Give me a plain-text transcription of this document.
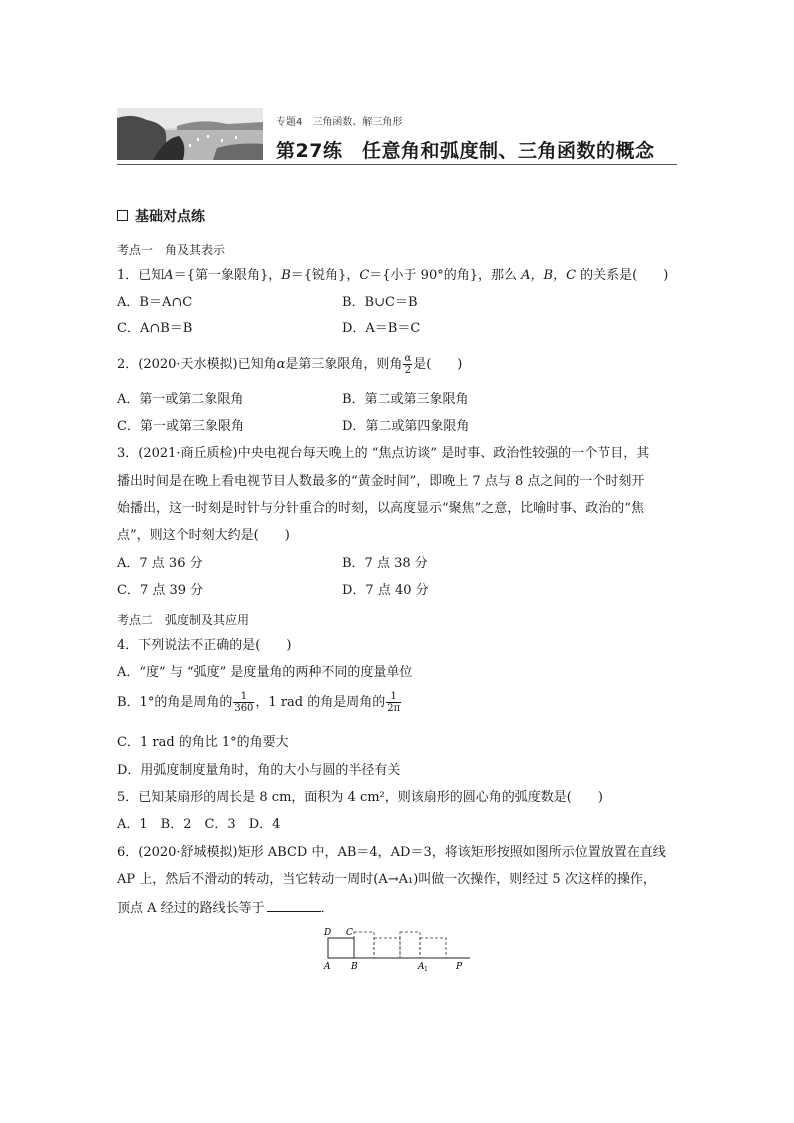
专题4　三角函数、解三角形
第27练　任意角和弧度制、三角函数的概念
基础对点练
考点一　角及其表示
1．已知A＝{第一象限角}，B＝{锐角}，C＝{小于 90°的角}，那么 A，B，C 的关系是(　　)
A．B＝A∩C	B．B∪C＝B
C．A∩B＝B	D．A＝B＝C
2．(2020·天水模拟)已知角α是第三象限角，则角 $\frac{\alpha}{2}$ 是(　　)
A．第一或第二象限角	B．第二或第三象限角
C．第一或第三象限角	D．第二或第四象限角
3．(2021·商丘质检)中央电视台每天晚上的 “焦点访谈” 是时事、政治性较强的一个节目，其
播出时间是在晚上看电视节目人数最多的“黄金时间”，即晚上 7 点与 8 点之间的一个时刻开
始播出，这一时刻是时针与分针重合的时刻，以高度显示“聚焦”之意，比喻时事、政治的“焦
点”，则这个时刻大约是(　　)
A．7 点 36 分	B．7 点 38 分
C．7 点 39 分	D．7 点 40 分
考点二　弧度制及其应用
4．下列说法不正确的是(　　)
A．“度” 与 “弧度” 是度量角的两种不同的度量单位
B．1°的角是周角的 $\frac{1}{360}$ ，1 rad 的角是周角的 $\frac{1}{2\pi}$
C．1 rad 的角比 1°的角要大
D．用弧度制度量角时，角的大小与圆的半径有关
5．已知某扇形的周长是 8 cm，面积为 4 cm²，则该扇形的圆心角的弧度数是(　　)
A．1　B．2　C．3　D．4
6．(2020·舒城模拟)矩形 ABCD 中，AB＝4，AD＝3，将该矩形按照如图所示位置放置在直线
AP 上，然后不滑动的转动，当它转动一周时(A→A₁)叫做一次操作，则经过 5 次这样的操作，
顶点 A 经过的路线长等于	．
D C
A B	A 1	P
